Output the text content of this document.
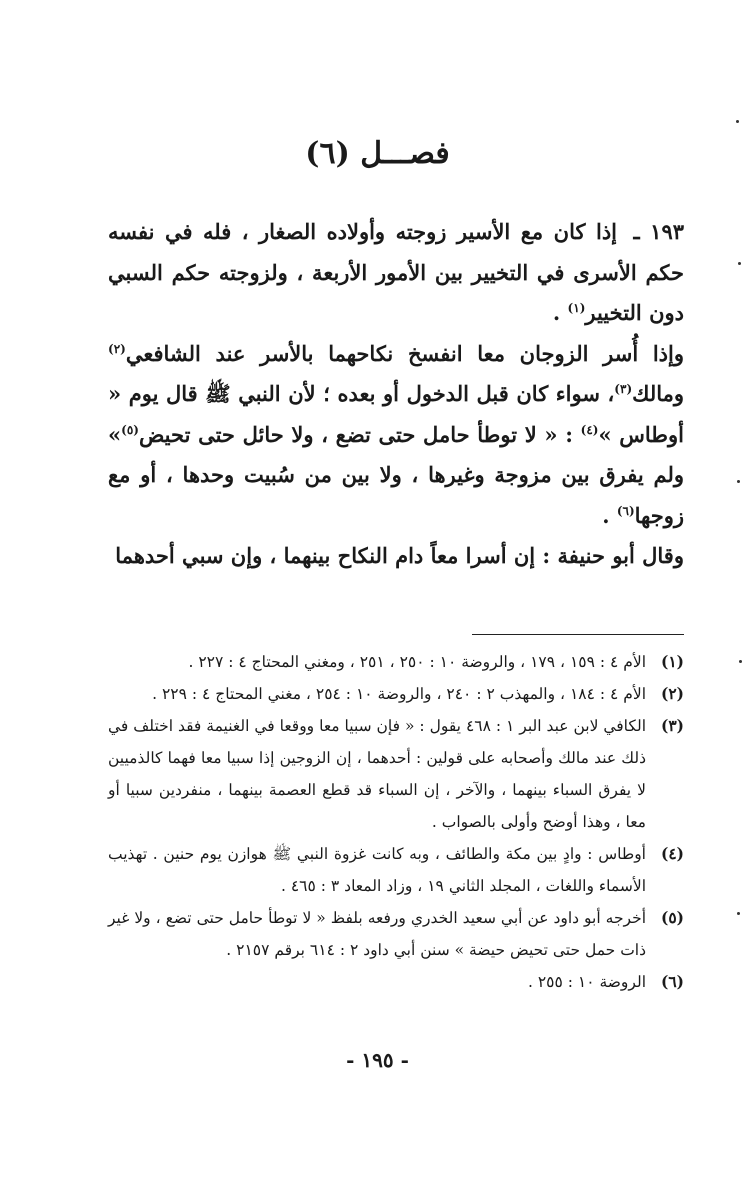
فصـــل (٦)

١٩٣ ـ إذا كان مع الأسير زوجته وأولاده الصغار ، فله في نفسه حكم الأسرى في التخيير بين الأمور الأربعة ، ولزوجته حكم السبي دون التخيير$^{(١)}$ .

وإذا أُسر الزوجان معا انفسخ نكاحهما بالأسر عند الشافعي$^{(٢)}$ ومالك$^{(٣)}$، سواء كان قبل الدخول أو بعده ؛ لأن النبي ﷺ قال يوم « أوطاس »$^{(٤)}$ : « لا توطأ حامل حتى تضع ، ولا حائل حتى تحيض$^{(٥)}$» ولم يفرق بين مزوجة وغيرها ، ولا بين من سُبيت وحدها ، أو مع زوجها$^{(٦)}$ .

وقال أبو حنيفة : إن أسرا معاً دام النكاح بينهما ، وإن سبي أحدهما

(١)
الأم ٤ : ١٥٩ ، ١٧٩ ، والروضة ١٠ : ٢٥٠ ، ٢٥١ ، ومغني المحتاج ٤ : ٢٢٧ .
(٢)
الأم ٤ : ١٨٤ ، والمهذب ٢ : ٢٤٠ ، والروضة ١٠ : ٢٥٤ ، مغني المحتاج ٤ : ٢٢٩ .
(٣)
الكافي لابن عبد البر ١ : ٤٦٨ يقول : « فإن سبيا معا ووقعا في الغنيمة فقد اختلف في ذلك عند مالك وأصحابه على قولين : أحدهما ، إن الزوجين إذا سبيا معا فهما كالذميين لا يفرق السباء بينهما ، والآخر ، إن السباء قد قطع العصمة بينهما ، منفردين سبيا أو معا ، وهذا أوضح وأولى بالصواب .
(٤)
أوطاس : وادٍ بين مكة والطائف ، وبه كانت غزوة النبي ﷺ هوازن يوم حنين . تهذيب الأسماء واللغات ، المجلد الثاني ١٩ ، وزاد المعاد ٣ : ٤٦٥ .
(٥)
أخرجه أبو داود عن أبي سعيد الخدري ورفعه بلفظ « لا توطأ حامل حتى تضع ، ولا غير ذات حمل حتى تحيض حيضة » سنن أبي داود ٢ : ٦١٤ برقم ٢١٥٧ .
(٦)
الروضة ١٠ : ٢٥٥ .
- ١٩٥ -
